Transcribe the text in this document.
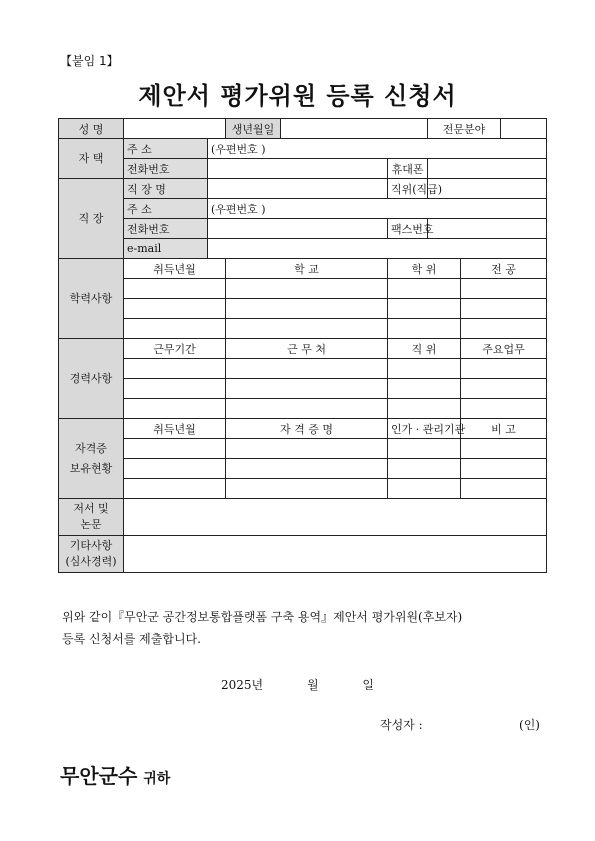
【붙임 1】
제안서 평가위원 등록 신청서
성 명			생년월일			전문분야		
자 택	주 소	(우편번호 )						
	전화번호				휴대폰			
직 장	직 장 명				직위(직급)			
	주 소	(우편번호 )						
	전화번호				팩스번호			
	e-mail							
학력사항	취득년월		학 교		학 위		전 공	

경력사항	근무기간		근 무 처		직 위		주요업무	

자격증
보유현황	취득년월		자 격 증 명		인가 · 관리기관		비 고	

저서 및
논문								
기타사항
(심사경력)								
위와 같이『무안군 공간정보통합플랫폼 구축 용역』제안서 평가위원(후보자)
등록 신청서를 제출합니다.
2025년	월	일
작성자 :	(인)
무안군수 귀하
